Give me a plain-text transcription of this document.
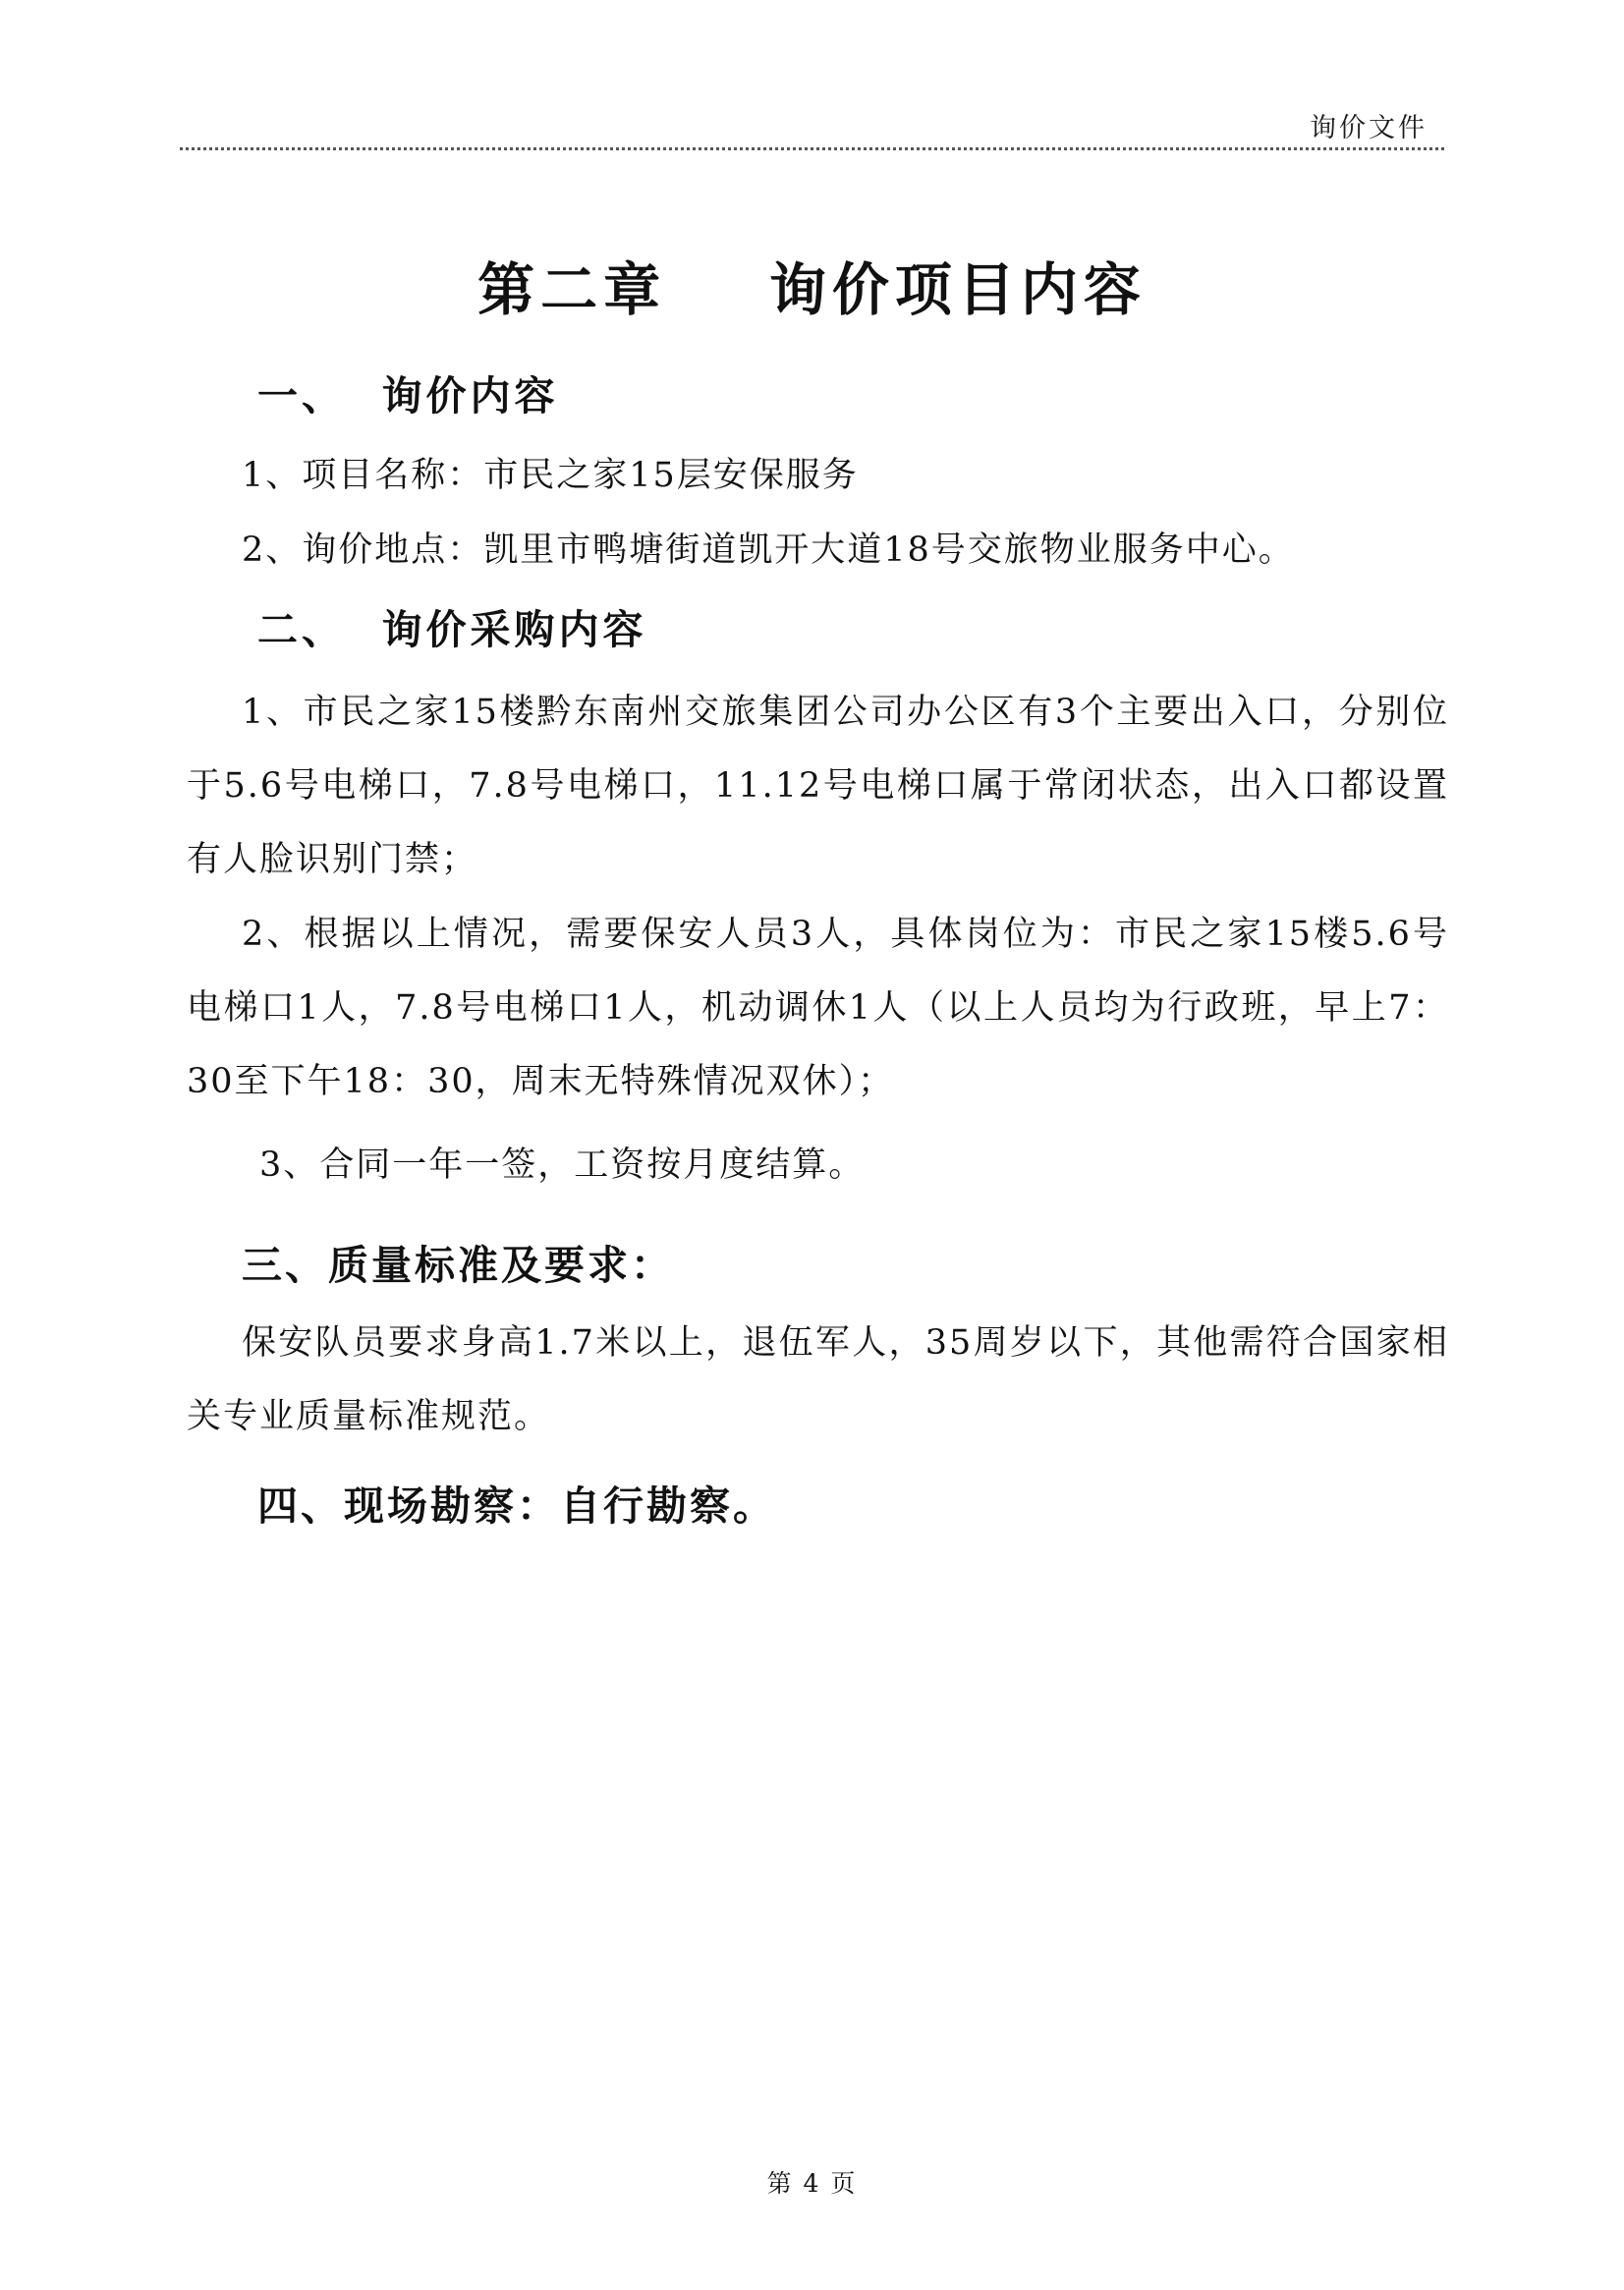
询价文件
第二章    询价项目内容
一、  询价内容
1、项目名称：市民之家15层安保服务
2、询价地点：凯里市鸭塘街道凯开大道18号交旅物业服务中心。
二、  询价采购内容
1、市民之家15楼黔东南州交旅集团公司办公区有3个主要出入口，分别位于5.6号电梯口，7.8号电梯口，11.12号电梯口属于常闭状态，出入口都设置有人脸识别门禁；
2、根据以上情况，需要保安人员3人，具体岗位为：市民之家15楼5.6号电梯口1人，7.8号电梯口1人，机动调休1人（以上人员均为行政班，早上7：30至下午18：30，周末无特殊情况双休）；
3、合同一年一签，工资按月度结算。
三、质量标准及要求：
保安队员要求身高1.7米以上，退伍军人，35周岁以下，其他需符合国家相关专业质量标准规范。
四、现场勘察：自行勘察。
第 4 页
